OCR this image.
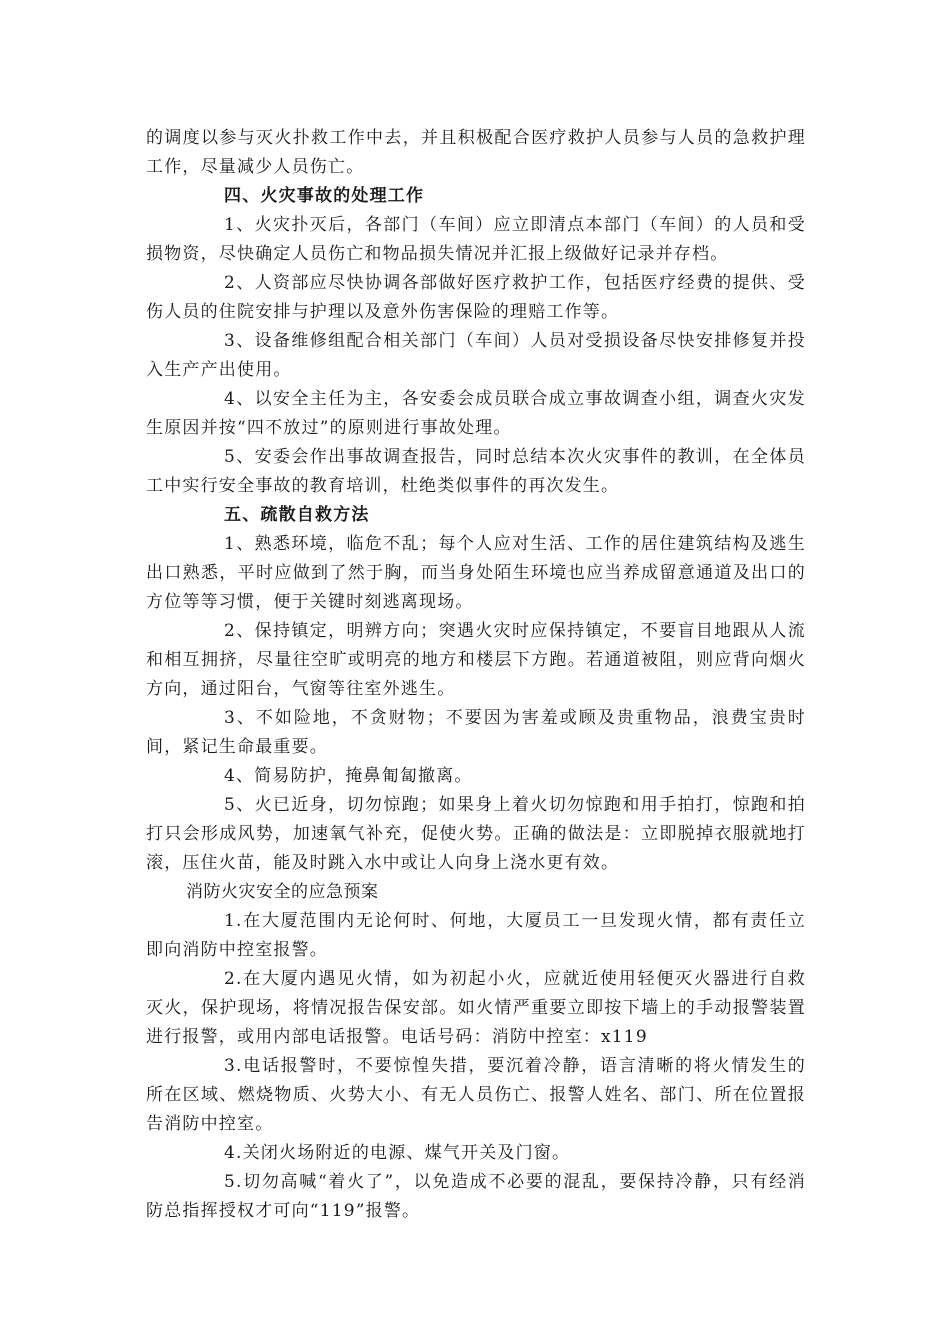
的调度以参与灭火扑救工作中去，并且积极配合医疗救护人员参与人员的急救护理工作，尽量减少人员伤亡。

四、火灾事故的处理工作

1、火灾扑灭后，各部门（车间）应立即清点本部门（车间）的人员和受损物资，尽快确定人员伤亡和物品损失情况并汇报上级做好记录并存档。

2、人资部应尽快协调各部做好医疗救护工作，包括医疗经费的提供、受伤人员的住院安排与护理以及意外伤害保险的理赔工作等。

3、设备维修组配合相关部门（车间）人员对受损设备尽快安排修复并投入生产产出使用。

4、以安全主任为主，各安委会成员联合成立事故调查小组，调查火灾发生原因并按“四不放过”的原则进行事故处理。

5、安委会作出事故调查报告，同时总结本次火灾事件的教训，在全体员工中实行安全事故的教育培训，杜绝类似事件的再次发生。

五、疏散自救方法

1、熟悉环境，临危不乱；每个人应对生活、工作的居住建筑结构及逃生出口熟悉，平时应做到了然于胸，而当身处陌生环境也应当养成留意通道及出口的方位等等习惯，便于关键时刻逃离现场。

2、保持镇定，明辨方向；突遇火灾时应保持镇定，不要盲目地跟从人流和相互拥挤，尽量往空旷或明亮的地方和楼层下方跑。若通道被阻，则应背向烟火方向，通过阳台，气窗等往室外逃生。

3、不如险地，不贪财物；不要因为害羞或顾及贵重物品，浪费宝贵时间，紧记生命最重要。

4、简易防护，掩鼻匍匐撤离。

5、火已近身，切勿惊跑；如果身上着火切勿惊跑和用手拍打，惊跑和拍打只会形成风势，加速氧气补充，促使火势。正确的做法是：立即脱掉衣服就地打滚，压住火苗，能及时跳入水中或让人向身上浇水更有效。

消防火灾安全的应急预案

1.在大厦范围内无论何时、何地，大厦员工一旦发现火情，都有责任立即向消防中控室报警。

2.在大厦内遇见火情，如为初起小火，应就近使用轻便灭火器进行自救灭火，保护现场，将情况报告保安部。如火情严重要立即按下墙上的手动报警装置进行报警，或用内部电话报警。电话号码：消防中控室：x119

3.电话报警时，不要惊惶失措，要沉着冷静，语言清晰的将火情发生的所在区域、燃烧物质、火势大小、有无人员伤亡、报警人姓名、部门、所在位置报告消防中控室。

4.关闭火场附近的电源、煤气开关及门窗。

5.切勿高喊“着火了”，以免造成不必要的混乱，要保持冷静，只有经消防总指挥授权才可向“119”报警。
